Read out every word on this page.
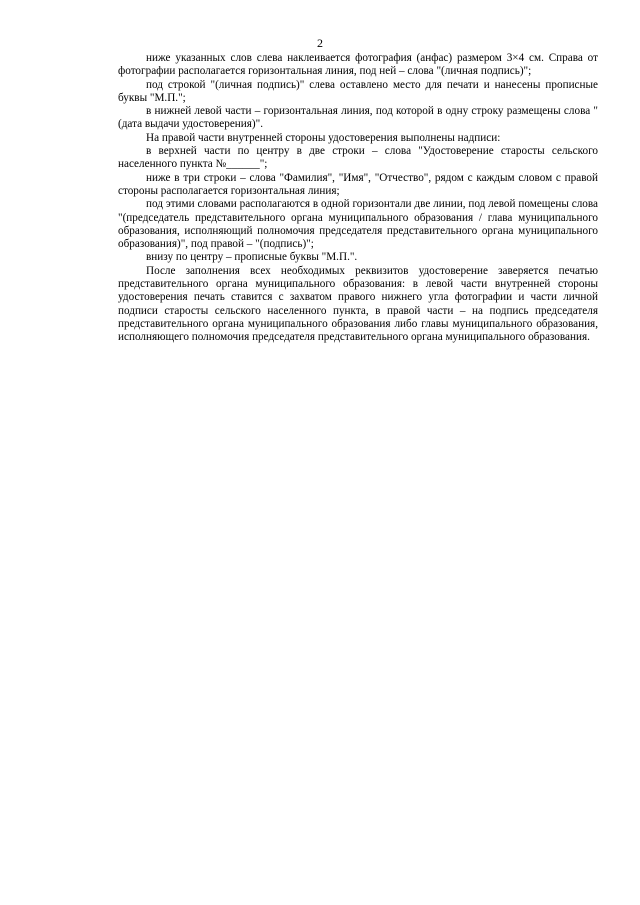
2

ниже указанных слов слева наклеивается фотография (анфас) размером 3×4 см. Справа от фотографии располагается горизонтальная линия, под ней – слова "(личная подпись)";

под строкой "(личная подпись)" слева оставлено место для печати и нанесены прописные буквы "М.П.";

в нижней левой части – горизонтальная линия, под которой в одну строку размещены слова "(дата выдачи удостоверения)".

На правой части внутренней стороны удостоверения выполнены надписи:

в верхней части по центру в две строки – слова "Удостоверение старосты сельского населенного пункта №______";

ниже в три строки – слова "Фамилия", "Имя", "Отчество", рядом с каждым словом с правой стороны располагается горизонтальная линия;

под этими словами располагаются в одной горизонтали две линии, под левой помещены слова "(председатель представительного органа муниципального образования / глава муниципального образования, исполняющий полномочия председателя представительного органа муниципального образования)", под правой – "(подпись)";

внизу по центру – прописные буквы "М.П.".

После заполнения всех необходимых реквизитов удостоверение заверяется печатью представительного органа муниципального образования: в левой части внутренней стороны удостоверения печать ставится с захватом правого нижнего угла фотографии и части личной подписи старосты сельского населенного пункта, в правой части – на подпись председателя представительного органа муниципального образования либо главы муниципального образования, исполняющего полномочия председателя представительного органа муниципального образования.
